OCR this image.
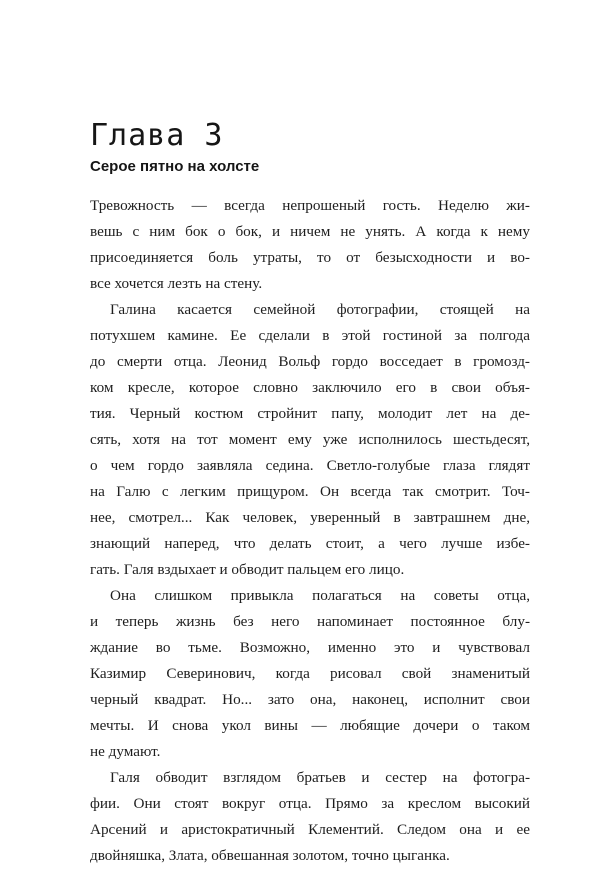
Глава 3
Серое пятно на холсте

Тревожность — всегда непрошеный гость. Неделю жи-
вешь с ним бок о бок, и ничем не унять. А когда к нему
присоединяется боль утраты, то от безысходности и во-
все хочется лезть на стену.

Галина касается семейной фотографии, стоящей на
потухшем камине. Ее сделали в этой гостиной за полгода
до смерти отца. Леонид Вольф гордо восседает в громозд-
ком кресле, которое словно заключило его в свои объя-
тия. Черный костюм стройнит папу, молодит лет на де-
сять, хотя на тот момент ему уже исполнилось шестьдесят,
о чем гордо заявляла седина. Светло-голубые глаза глядят
на Галю с легким прищуром. Он всегда так смотрит. Точ-
нее, смотрел... Как человек, уверенный в завтрашнем дне,
знающий наперед, что делать стоит, а чего лучше избе-
гать. Галя вздыхает и обводит пальцем его лицо.

Она слишком привыкла полагаться на советы отца,
и теперь жизнь без него напоминает постоянное блу-
ждание во тьме. Возможно, именно это и чувствовал
Казимир Северинович, когда рисовал свой знаменитый
черный квадрат. Но... зато она, наконец, исполнит свои
мечты. И снова укол вины — любящие дочери о таком
не думают.

Галя обводит взглядом братьев и сестер на фотогра-
фии. Они стоят вокруг отца. Прямо за креслом высокий
Арсений и аристократичный Клементий. Следом она и ее
двойняшка, Злата, обвешанная золотом, точно цыганка.
